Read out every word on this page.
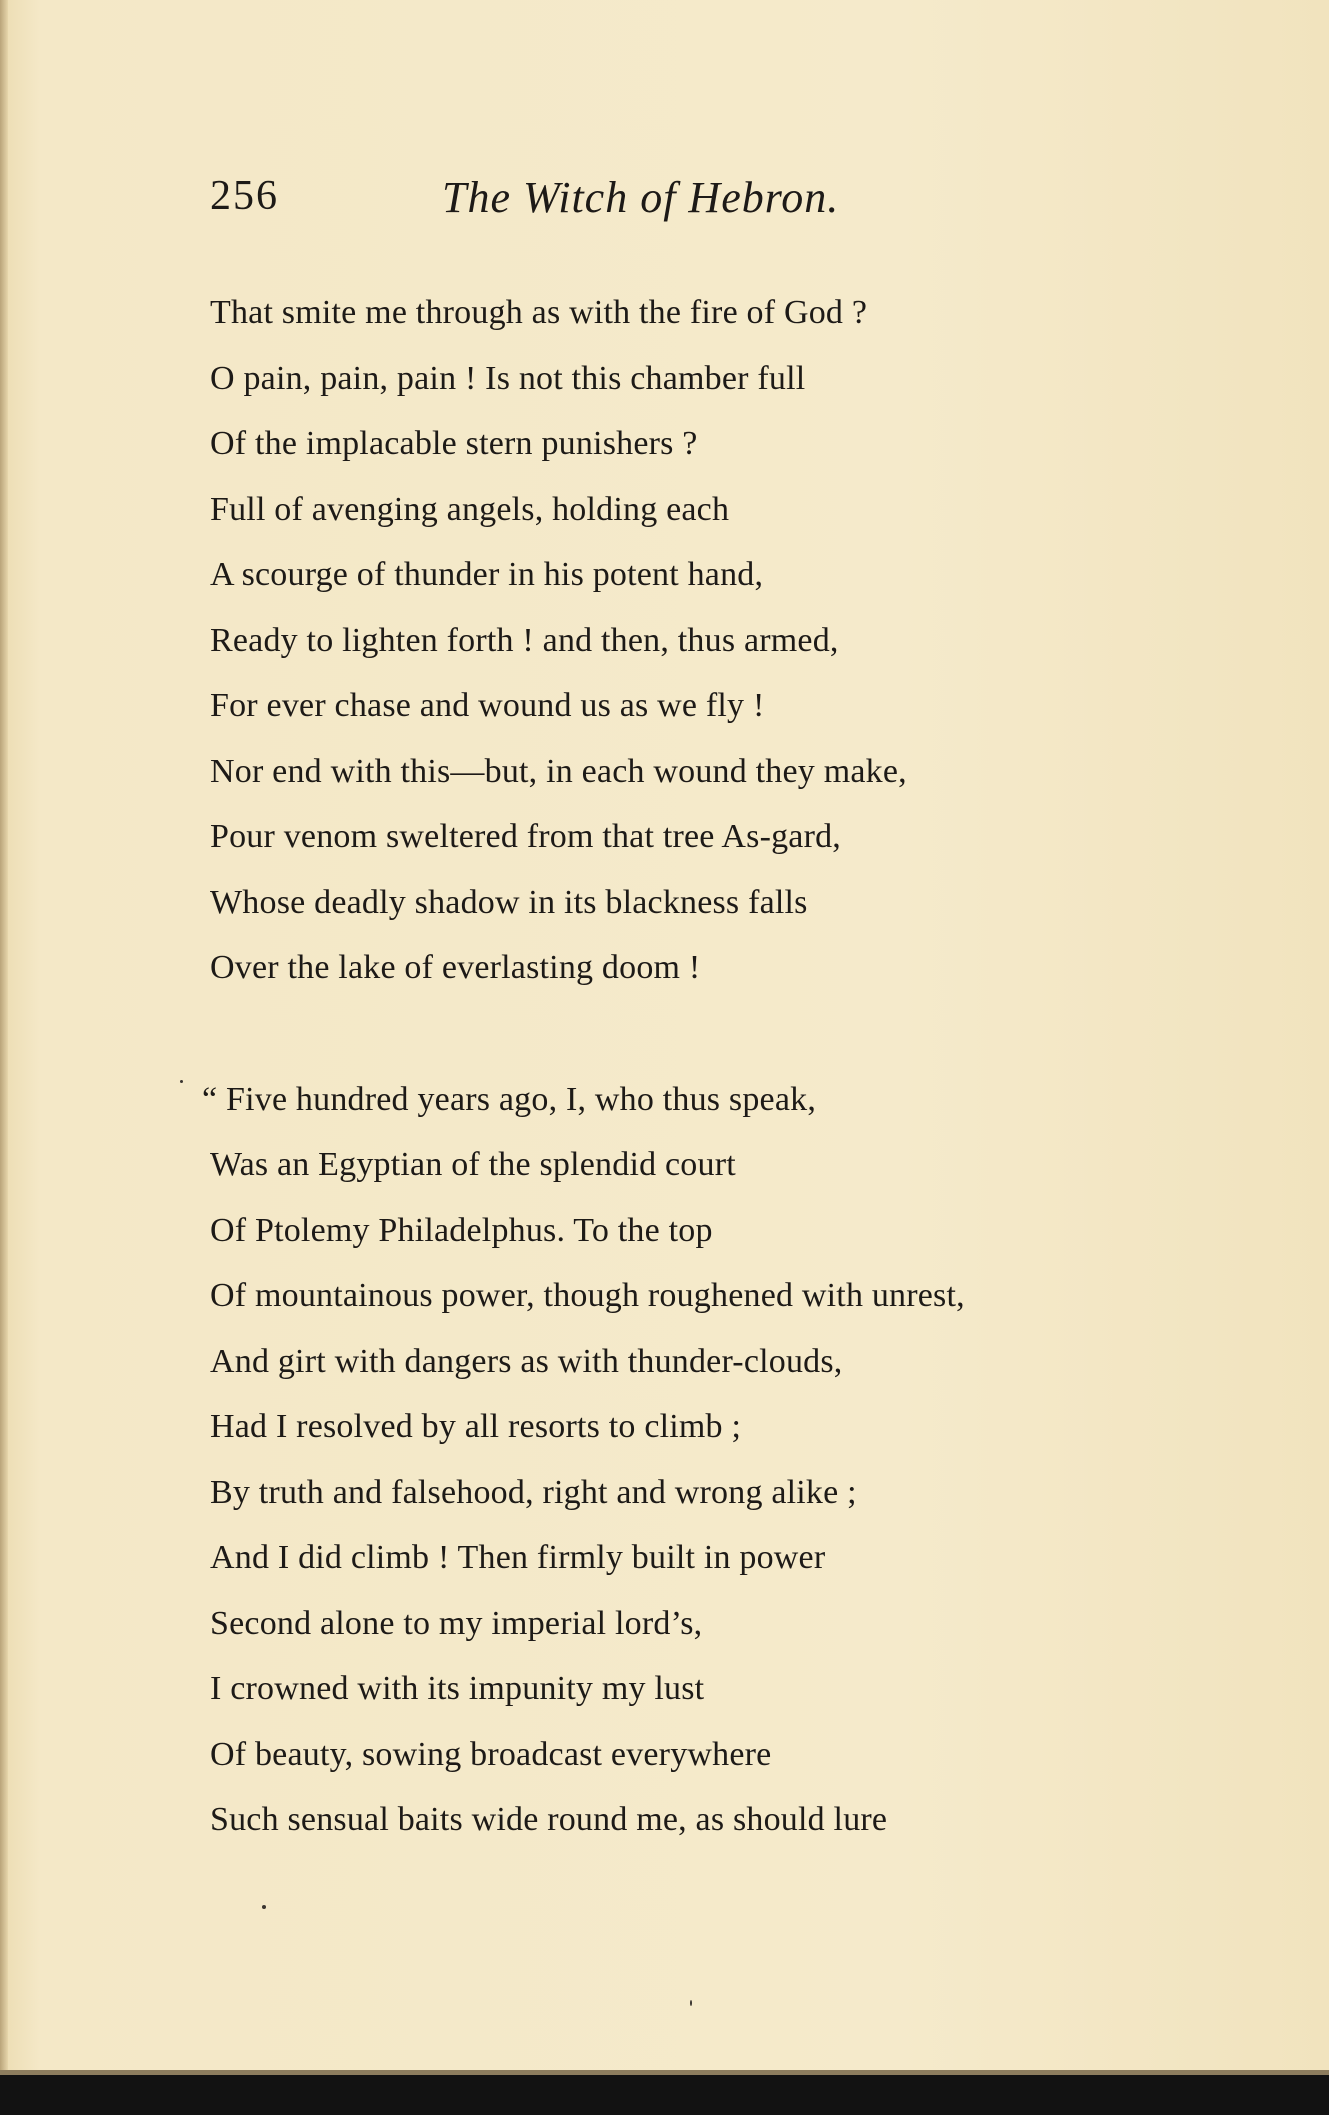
256	The Witch of Hebron.
That smite me through as with the fire of God ?
O pain, pain, pain ! Is not this chamber full
Of the implacable stern punishers ?
Full of avenging angels, holding each
A scourge of thunder in his potent hand,
Ready to lighten forth ! and then, thus armed,
For ever chase and wound us as we fly !
Nor end with this—but, in each wound they make,
Pour venom sweltered from that tree As-gard,
Whose deadly shadow in its blackness falls
Over the lake of everlasting doom !
“ Five hundred years ago, I, who thus speak,
Was an Egyptian of the splendid court
Of Ptolemy Philadelphus. To the top
Of mountainous power, though roughened with unrest,
And girt with dangers as with thunder-clouds,
Had I resolved by all resorts to climb ;
By truth and falsehood, right and wrong alike ;
And I did climb ! Then firmly built in power
Second alone to my imperial lord’s,
I crowned with its impunity my lust
Of beauty, sowing broadcast everywhere
Such sensual baits wide round me, as should lure
